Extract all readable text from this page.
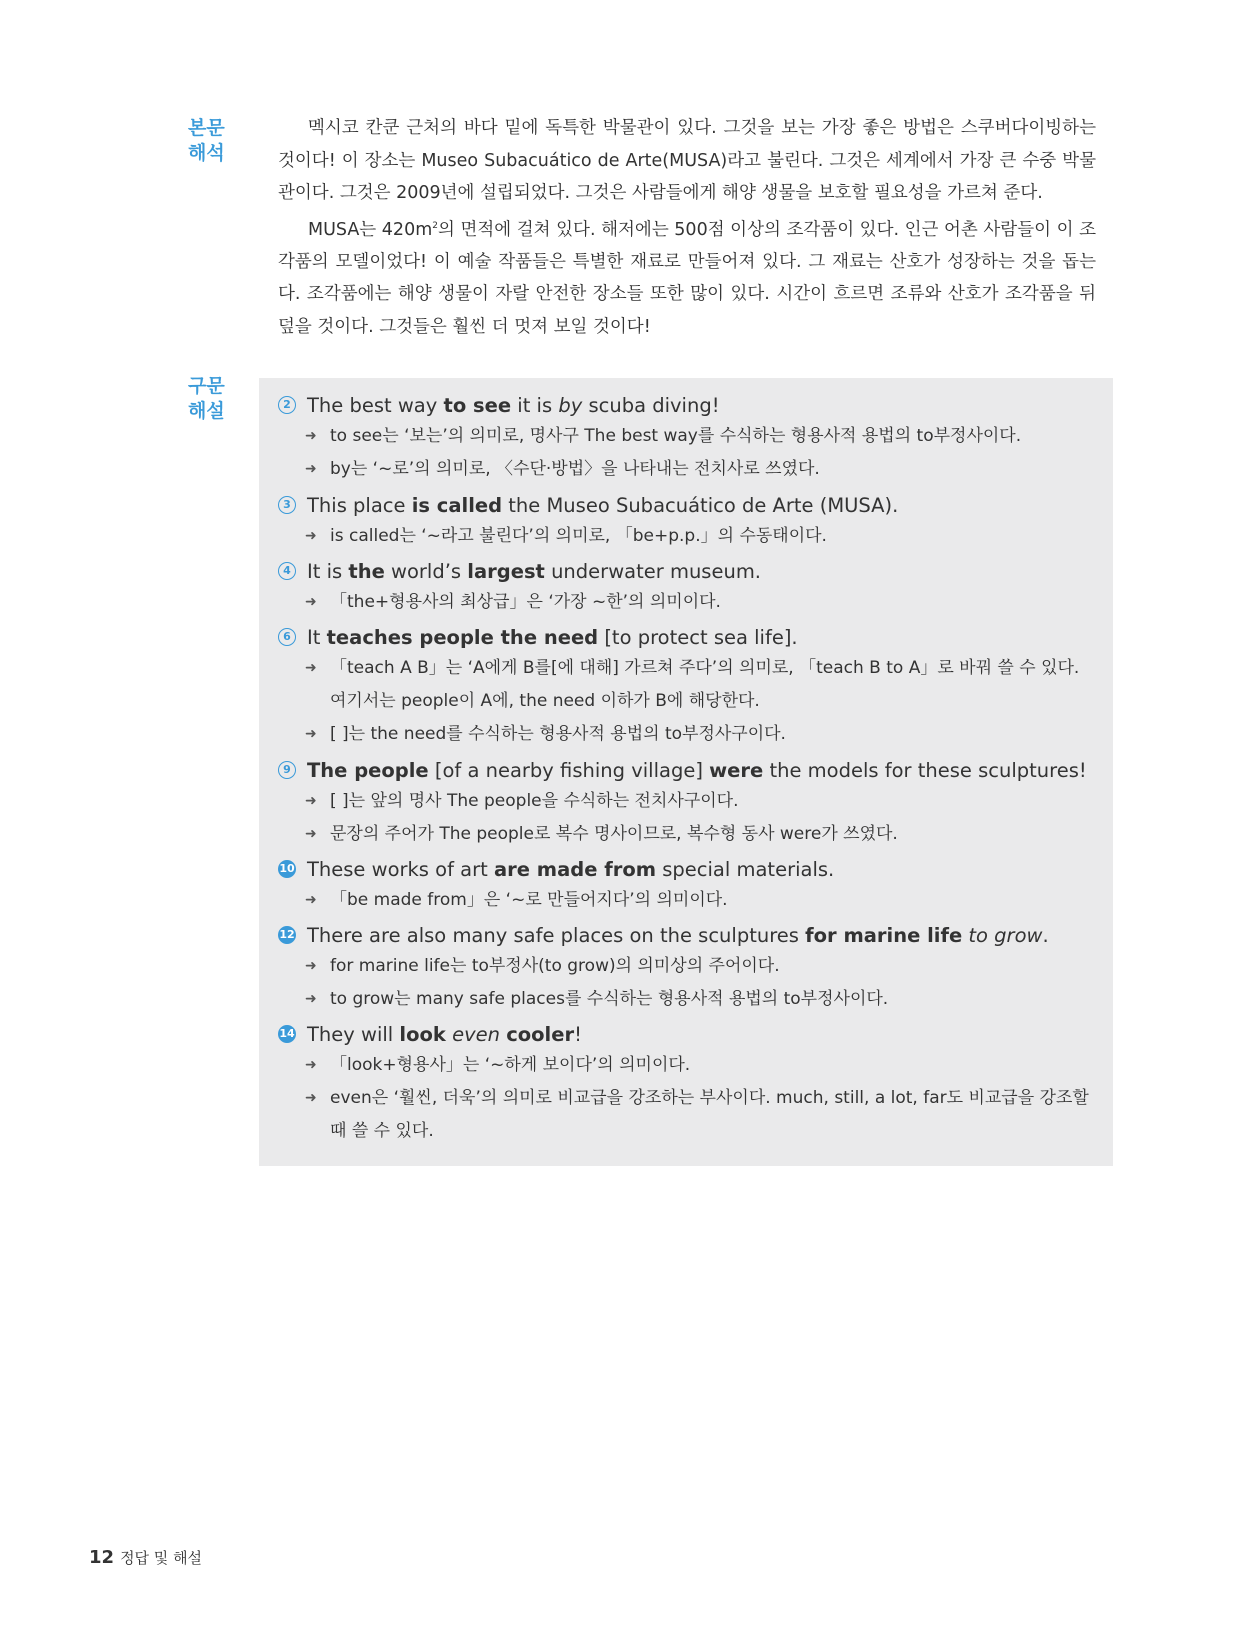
본문
해석

멕시코 칸쿤 근처의 바다 밑에 독특한 박물관이 있다. 그것을 보는 가장 좋은 방법은 스쿠버다이빙하는 것이다! 이 장소는 Museo Subacuático de Arte(MUSA)라고 불린다. 그것은 세계에서 가장 큰 수중 박물관이다. 그것은 2009년에 설립되었다. 그것은 사람들에게 해양 생물을 보호할 필요성을 가르쳐 준다.

MUSA는 $420m^2$의 면적에 걸쳐 있다. 해저에는 500점 이상의 조각품이 있다. 인근 어촌 사람들이 이 조각품의 모델이었다! 이 예술 작품들은 특별한 재료로 만들어져 있다. 그 재료는 산호가 성장하는 것을 돕는다. 조각품에는 해양 생물이 자랄 안전한 장소들 또한 많이 있다. 시간이 흐르면 조류와 산호가 조각품을 뒤덮을 것이다. 그것들은 훨씬 더 멋져 보일 것이다!

구문
해설	2 The best way
to see
it is
by
scuba diving!
➜ to see는 ‘보는’의 의미로, 명사구 The best way를 수식하는 형용사적 용법의 to부정사이다.
➜ by는 ‘~로’의 의미로, 〈수단·방법〉을 나타내는 전치사로 쓰였다.
3 This place
is called
the Museo Subacuático de Arte (MUSA).
➜ is called는 ‘~라고 불린다’의 의미로, 「be+p.p.」의 수동태이다.
4 It is
the
world’s
largest
underwater museum.
➜ 「the+형용사의 최상급」은 ‘가장 ~한’의 의미이다.
6 It
teaches people the need
[to protect sea life].
➜ 「teach A B」는 ‘A에게 B를[에 대해] 가르쳐 주다’의 의미로, 「teach B to A」로 바꿔 쓸 수 있다. 여기서는 people이 A에, the need 이하가 B에 해당한다.
➜ [ ]는 the need를 수식하는 형용사적 용법의 to부정사구이다.
9 The people
[of a nearby fishing village]
were
the models for these sculptures!
➜ [ ]는 앞의 명사 The people을 수식하는 전치사구이다.
➜ 문장의 주어가 The people로 복수 명사이므로, 복수형 동사 were가 쓰였다.
10 These works of art
are made from
special materials.
➜ 「be made from」은 ‘~로 만들어지다’의 의미이다.
12 There are also many safe places on the sculptures
for marine life
to grow .
➜ for marine life는 to부정사(to grow)의 의미상의 주어이다.
➜ to grow는 many safe places를 수식하는 형용사적 용법의 to부정사이다.
14 They will
look
even
cooler !
➜ 「look+형용사」는 ‘~하게 보이다’의 의미이다.
➜ even은 ‘훨씬, 더욱’의 의미로 비교급을 강조하는 부사이다. much, still, a lot, far도 비교급을 강조할 때 쓸 수 있다.
12 정답 및 해설
